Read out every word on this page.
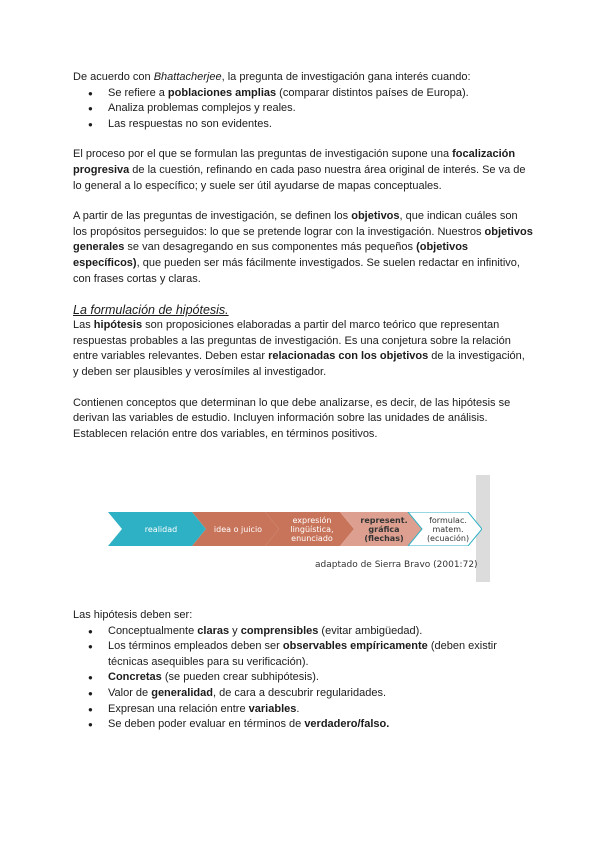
De acuerdo con Bhattacherjee, la pregunta de investigación gana interés cuando:

● Se refiere a poblaciones amplias (comparar distintos países de Europa).
● Analiza problemas complejos y reales.
● Las respuestas no son evidentes.

El proceso por el que se formulan las preguntas de investigación supone una focalización progresiva de la cuestión, refinando en cada paso nuestra área original de interés. Se va de lo general a lo específico; y suele ser útil ayudarse de mapas conceptuales.

A partir de las preguntas de investigación, se definen los objetivos, que indican cuáles son los propósitos perseguidos: lo que se pretende lograr con la investigación. Nuestros objetivos generales se van desagregando en sus componentes más pequeños (objetivos específicos), que pueden ser más fácilmente investigados. Se suelen redactar en infinitivo, con frases cortas y claras.

La formulación de hipótesis.

Las hipótesis son proposiciones elaboradas a partir del marco teórico que representan respuestas probables a las preguntas de investigación. Es una conjetura sobre la relación entre variables relevantes. Deben estar relacionadas con los objetivos de la investigación, y deben ser plausibles y verosímiles al investigador.

Contienen conceptos que determinan lo que debe analizarse, es decir, de las hipótesis se derivan las variables de estudio. Incluyen información sobre las unidades de análisis. Establecen relación entre dos variables, en términos positivos.

realidad	idea o juicio
expresión lingüística, enunciado
represent. gráfica (flechas)
formulac. matem. (ecuación)
adaptado de Sierra Bravo (2001:72)

Las hipótesis deben ser:

● Conceptualmente claras y comprensibles (evitar ambigüedad).
● Los términos empleados deben ser observables empíricamente (deben existir técnicas asequibles para su verificación).
● Concretas (se pueden crear subhipótesis).
● Valor de generalidad, de cara a descubrir regularidades.
● Expresan una relación entre variables.
● Se deben poder evaluar en términos de verdadero/falso.
